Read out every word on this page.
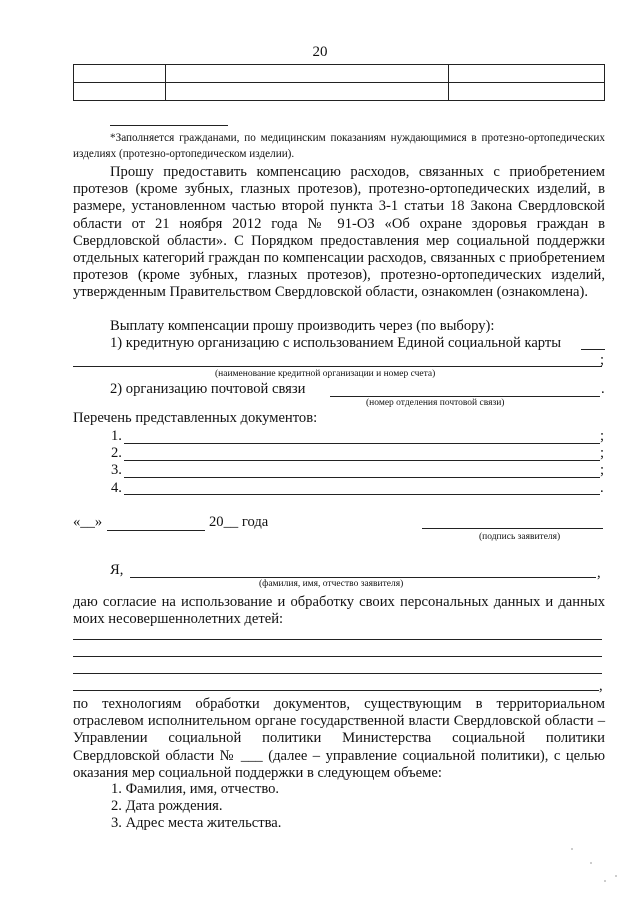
20

*Заполняется гражданами, по медицинским показаниям нуждающимися в протезно-ортопедических изделиях (протезно-ортопедическом изделии).

Прошу предоставить компенсацию расходов, связанных с приобретением протезов (кроме зубных, глазных протезов), протезно-ортопедических изделий, в размере, установленном частью второй пункта 3-1 статьи 18 Закона Свердловской области от 21 ноября 2012 года № 91-ОЗ «Об охране здоровья граждан в Свердловской области». С Порядком предоставления мер социальной поддержки отдельных категорий граждан по компенсации расходов, связанных с приобретением протезов (кроме зубных, глазных протезов), протезно-ортопедических изделий, утвержденным Правительством Свердловской области, ознакомлен (ознакомлена).

Выплату компенсации прошу производить через (по выбору):
1) кредитную организацию с использованием Единой социальной карты
;
(наименование кредитной организации и номер счета)
2) организацию почтовой связи	.
(номер отделения почтовой связи)
Перечень представленных документов:
1.	;
2.	;
3.	;
4.	.
«__»	20__ года
(подпись заявителя)
Я,	,
(фамилия, имя, отчество заявителя)

даю согласие на использование и обработку своих персональных данных и данных моих несовершеннолетних детей:

,

по технологиям обработки документов, существующим в территориальном отраслевом исполнительном органе государственной власти Свердловской области – Управлении социальной политики Министерства социальной политики Свердловской области № ___ (далее – управление социальной политики), с целью оказания мер социальной поддержки в следующем объеме:

1. Фамилия, имя, отчество.
2. Дата рождения.
3. Адрес места жительства.
